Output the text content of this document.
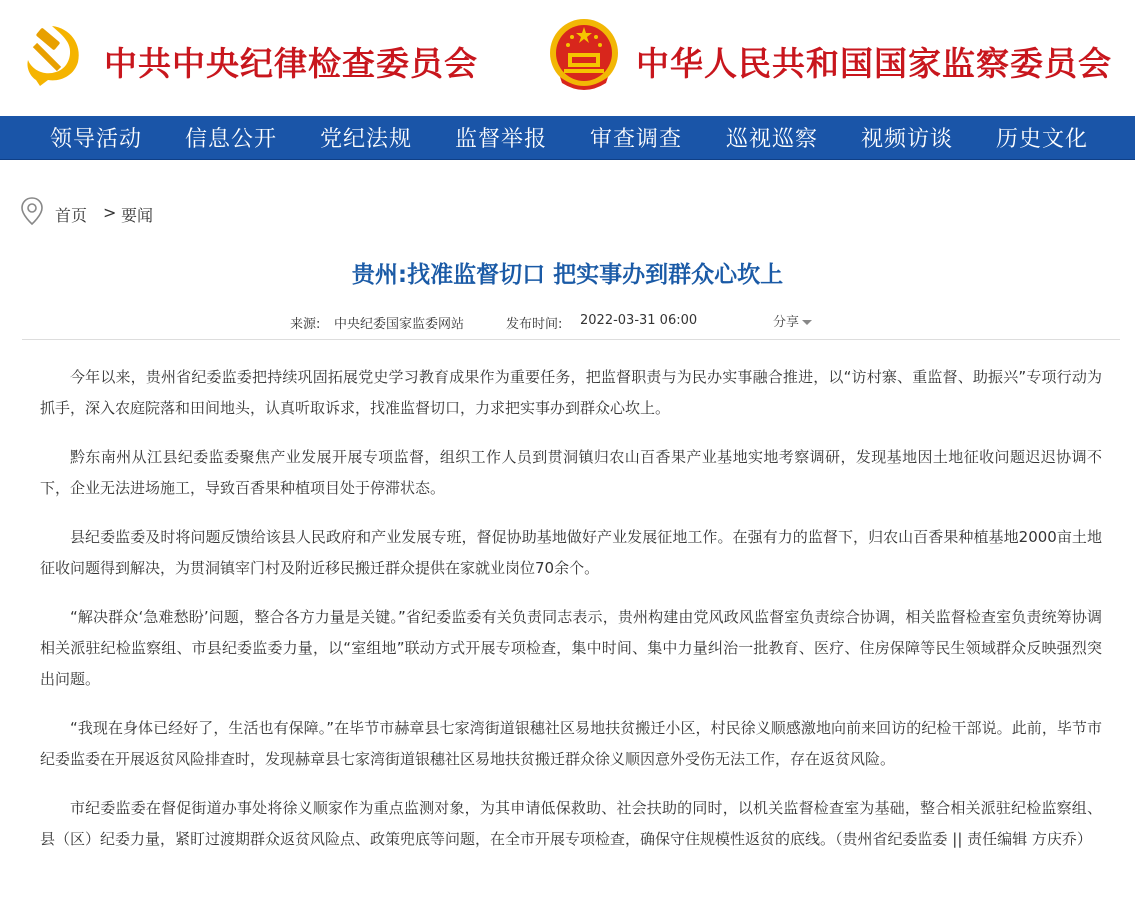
中共中央纪律检查委员会	中华人民共和国国家监察委员会
领导活动 信息公开 党纪法规 监督举报 审查调查 巡视巡察 视频访谈 历史文化
首页 > 要闻
贵州:找准监督切口 把实事办到群众心坎上
来源: 中央纪委国家监委网站	发布时间: 2022-03-31 06:00	分享

今年以来，贵州省纪委监委把持续巩固拓展党史学习教育成果作为重要任务，把监督职责与为民办实事融合推进，以“访村寨、重监督、助振兴”专项行动为抓手，深入农庭院落和田间地头，认真听取诉求，找准监督切口，力求把实事办到群众心坎上。

黔东南州从江县纪委监委聚焦产业发展开展专项监督，组织工作人员到贯洞镇归农山百香果产业基地实地考察调研，发现基地因土地征收问题迟迟协调不下，企业无法进场施工，导致百香果种植项目处于停滞状态。

县纪委监委及时将问题反馈给该县人民政府和产业发展专班，督促协助基地做好产业发展征地工作。在强有力的监督下，归农山百香果种植基地2000亩土地征收问题得到解决，为贯洞镇宰门村及附近移民搬迁群众提供在家就业岗位70余个。

“解决群众‘急难愁盼’问题，整合各方力量是关键。”省纪委监委有关负责同志表示，贵州构建由党风政风监督室负责综合协调，相关监督检查室负责统筹协调相关派驻纪检监察组、市县纪委监委力量，以“室组地”联动方式开展专项检查，集中时间、集中力量纠治一批教育、医疗、住房保障等民生领域群众反映强烈突出问题。

“我现在身体已经好了，生活也有保障。”在毕节市赫章县七家湾街道银穗社区易地扶贫搬迁小区，村民徐义顺感激地向前来回访的纪检干部说。此前，毕节市纪委监委在开展返贫风险排查时，发现赫章县七家湾街道银穗社区易地扶贫搬迁群众徐义顺因意外受伤无法工作，存在返贫风险。

市纪委监委在督促街道办事处将徐义顺家作为重点监测对象，为其申请低保救助、社会扶助的同时，以机关监督检查室为基础，整合相关派驻纪检监察组、县（区）纪委力量，紧盯过渡期群众返贫风险点、政策兜底等问题，在全市开展专项检查，确保守住规模性返贫的底线。（贵州省纪委监委 || 责任编辑 方庆乔）
